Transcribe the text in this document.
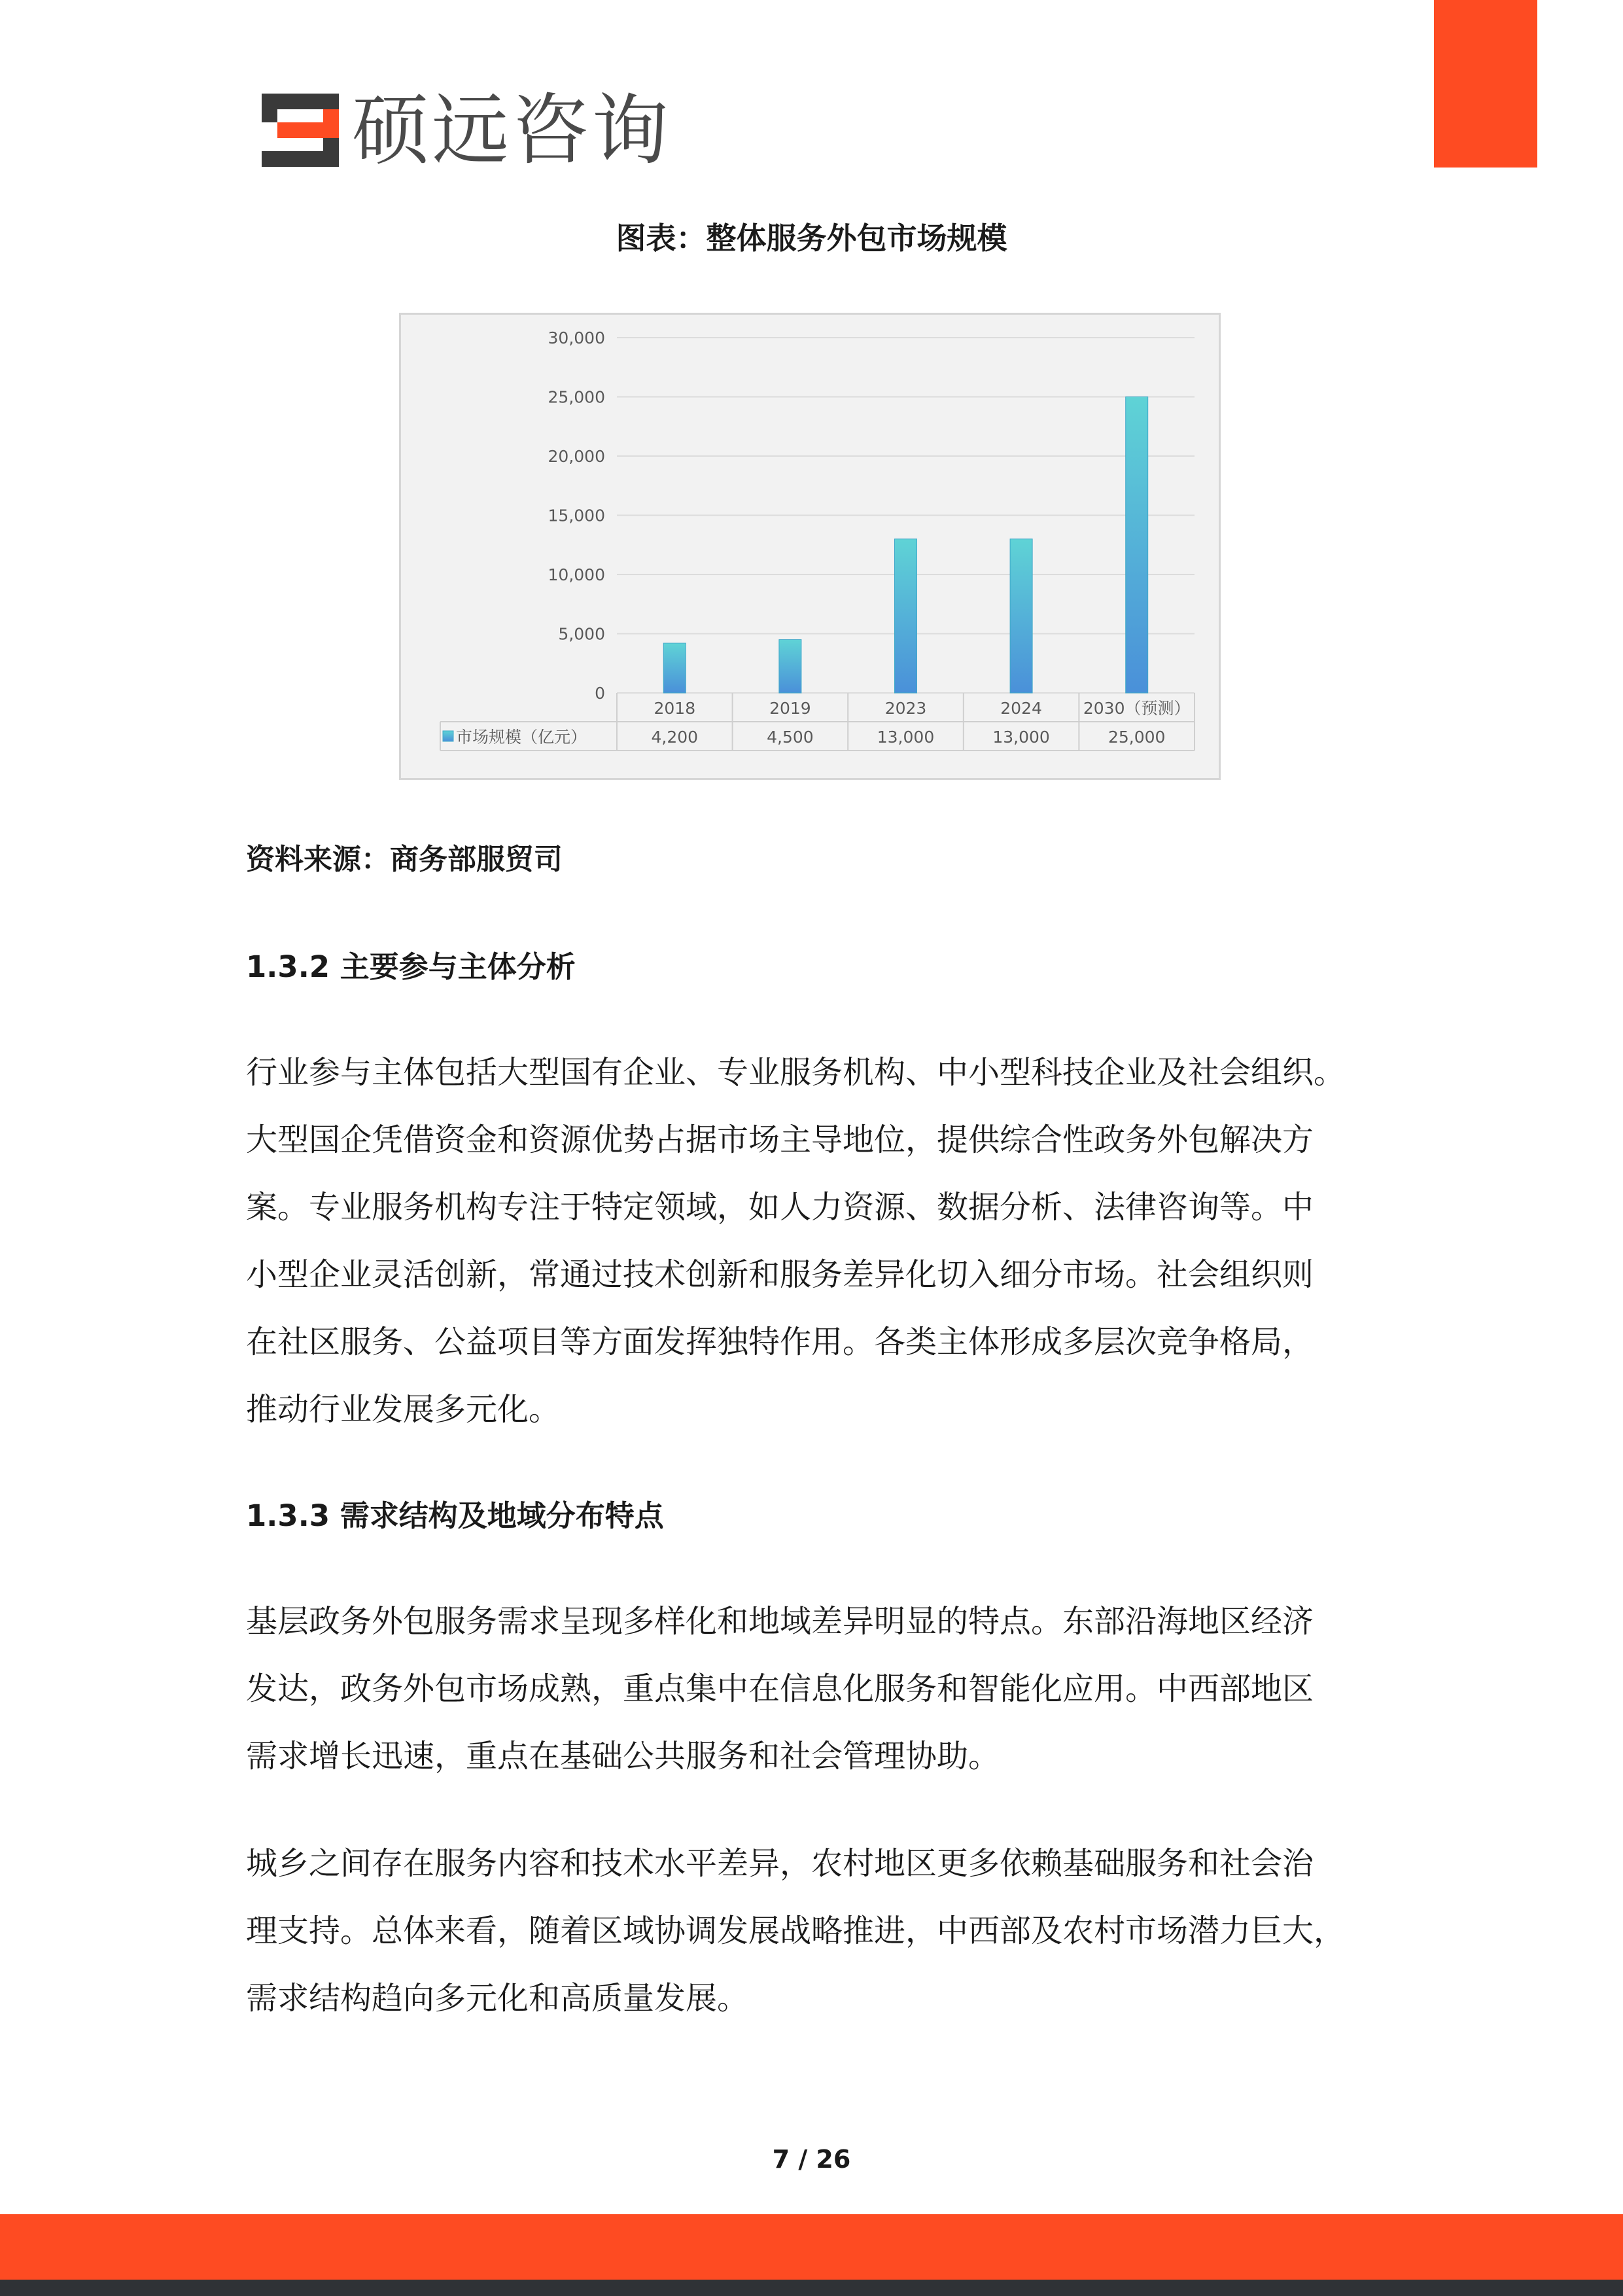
硕远咨询
图表：整体服务外包市场规模
0
5,000
10,000
15,000
20,000
25,000
30,000
2018
4,200
2019
4,500
2023
13,000
2024
13,000
2030（预测）
25,000
市场规模（亿元）
资料来源：商务部服贸司
1.3.2 主要参与主体分析

行业参与主体包括大型国有企业、专业服务机构、中小型科技企业及社会组织。
大型国企凭借资金和资源优势占据市场主导地位，提供综合性政务外包解决方
案。专业服务机构专注于特定领域，如人力资源、数据分析、法律咨询等。中
小型企业灵活创新，常通过技术创新和服务差异化切入细分市场。社会组织则
在社区服务、公益项目等方面发挥独特作用。各类主体形成多层次竞争格局，
推动行业发展多元化。

1.3.3 需求结构及地域分布特点

基层政务外包服务需求呈现多样化和地域差异明显的特点。东部沿海地区经济
发达，政务外包市场成熟，重点集中在信息化服务和智能化应用。中西部地区
需求增长迅速，重点在基础公共服务和社会管理协助。

城乡之间存在服务内容和技术水平差异，农村地区更多依赖基础服务和社会治
理支持。总体来看，随着区域协调发展战略推进，中西部及农村市场潜力巨大，
需求结构趋向多元化和高质量发展。

7 / 26
